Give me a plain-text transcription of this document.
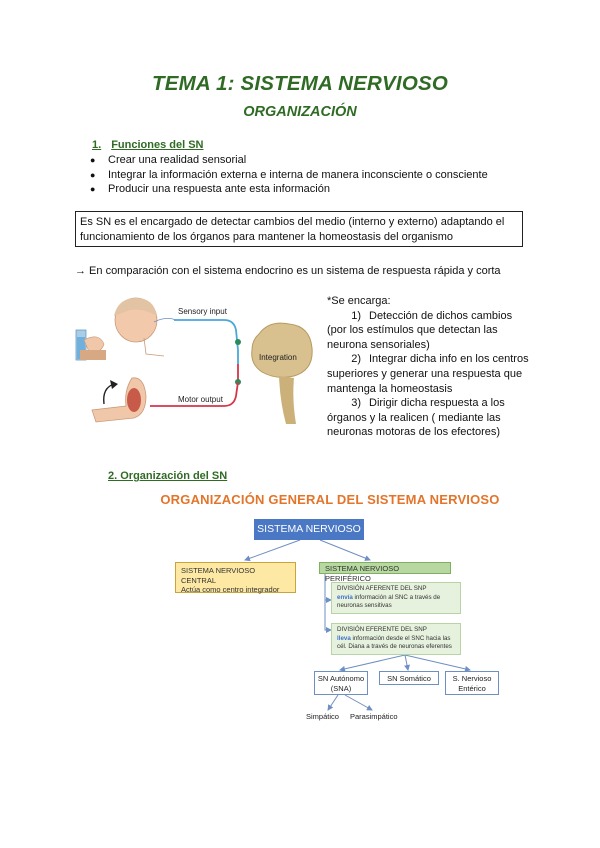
TEMA 1: SISTEMA NERVIOSO
ORGANIZACIÓN
1. Funciones del SN
● Crear una realidad sensorial
● Integrar la información externa e interna de manera inconsciente o consciente
● Producir una respuesta ante esta información
Es SN es el encargado de detectar cambios del medio (interno y externo) adaptando el
funcionamiento de los órganos para mantener la homeostasis del organismo
→ En comparación con el sistema endocrino es un sistema de respuesta rápida y corta
Sensory input
Integration
Motor output
*Se encarga:
1) Detección de dichos cambios
(por los estímulos que detectan las
neurona sensoriales)
2) Integrar dicha info en los centros
superiores y generar una respuesta que
mantenga la homeostasis
3) Dirigir dicha respuesta a los
órganos y la realicen ( mediante las
neuronas motoras de los efectores)
2. Organización del SN
ORGANIZACIÓN GENERAL DEL SISTEMA NERVIOSO
SISTEMA NERVIOSO
SISTEMA NERVIOSO CENTRAL
Actúa como centro integrador
SISTEMA NERVIOSO PERIFÉRICO
DIVISIÓN AFERENTE DEL SNP
envía información al SNC a través de
neuronas sensitivas
DIVISIÓN EFERENTE DEL SNP
lleva información desde el SNC hacia las
cél. Diana a través de neuronas eferentes
SN Autónomo
(SNA)
SN Somático	S. Nervioso
Entérico
Simpático Parasimpático
